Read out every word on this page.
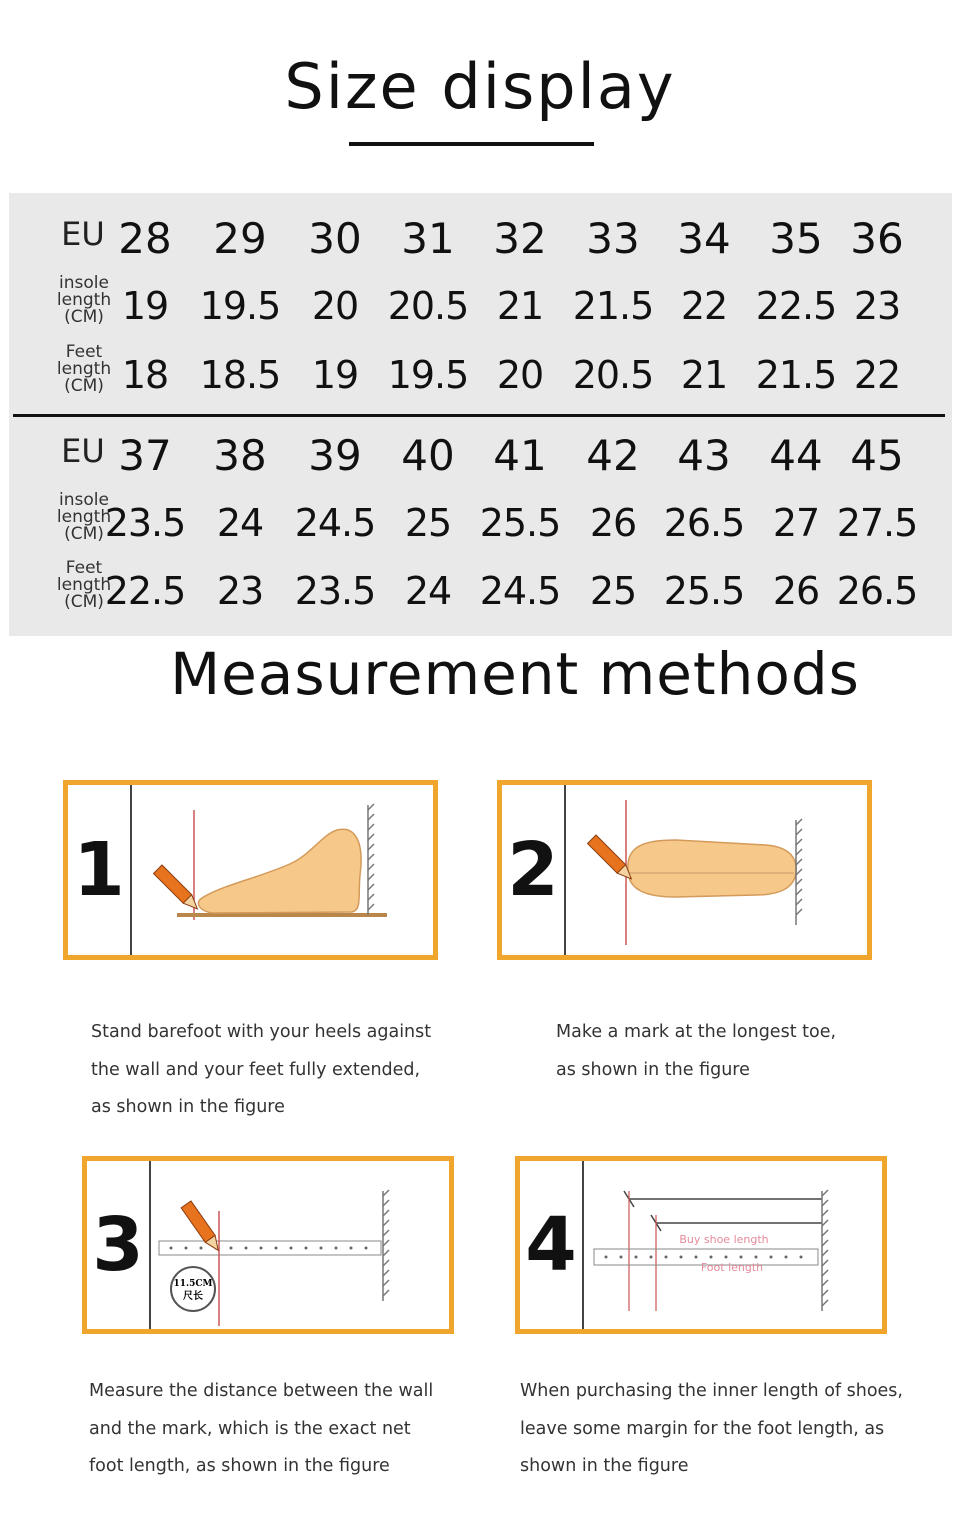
Size display
EU 28 29 30 31 32 33 34 35 36
insole
length
(CM) 19 19.5 20 20.5 21 21.5 22 22.5 23
Feet
length
(CM) 18 18.5 19 19.5 20 20.5 21 21.5 22
EU 37 38 39 40 41 42 43 44 45
insole
length
(CM) 23.5 24 24.5 25 25.5 26 26.5 27 27.5
Feet
length
(CM) 22.5 23 23.5 24 24.5 25 25.5 26 26.5
Measurement methods
1	2
Stand barefoot with your heels against
the wall and your feet fully extended,
as shown in the figure
Make a mark at the longest toe,
as shown in the figure
3	11.5CM
尺长
4	Buy shoe length
Foot length
Measure the distance between the wall
and the mark, which is the exact net
foot length, as shown in the figure
When purchasing the inner length of shoes,
leave some margin for the foot length, as
shown in the figure
